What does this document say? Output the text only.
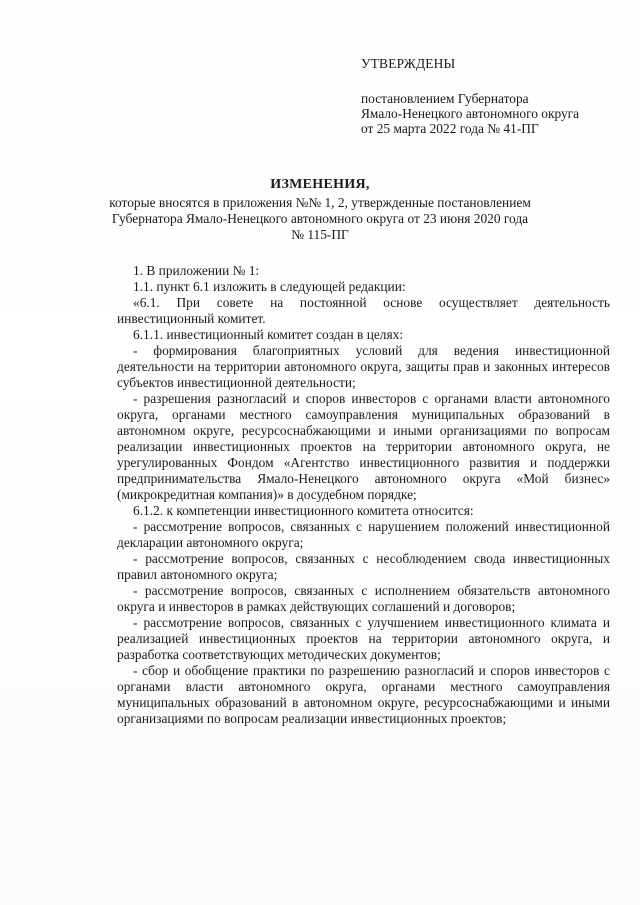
УТВЕРЖДЕНЫ

постановлением Губернатора

Ямало-Ненецкого автономного округа

от 25 марта 2022 года № 41-ПГ

ИЗМЕНЕНИЯ,
которые вносятся в приложения №№ 1, 2, утвержденные постановлением
Губернатора Ямало-Ненецкого автономного округа от 23 июня 2020 года
№ 115-ПГ

1. В приложении № 1:

1.1. пункт 6.1 изложить в следующей редакции:

«6.1. При совете на постоянной основе осуществляет деятельность инвестиционный комитет.

6.1.1. инвестиционный комитет создан в целях:

- формирования благоприятных условий для ведения инвестиционной деятельности на территории автономного округа, защиты прав и законных интересов субъектов инвестиционной деятельности;

- разрешения разногласий и споров инвесторов с органами власти автономного округа, органами местного самоуправления муниципальных образований в автономном округе, ресурсоснабжающими и иными организациями по вопросам реализации инвестиционных проектов на территории автономного округа, не урегулированных Фондом «Агентство инвестиционного развития и поддержки предпринимательства Ямало-Ненецкого автономного округа «Мой бизнес» (микрокредитная компания)» в досудебном порядке;

6.1.2. к компетенции инвестиционного комитета относится:

- рассмотрение вопросов, связанных с нарушением положений инвестиционной декларации автономного округа;

- рассмотрение вопросов, связанных с несоблюдением свода инвестиционных правил автономного округа;

- рассмотрение вопросов, связанных с исполнением обязательств автономного округа и инвесторов в рамках действующих соглашений и договоров;

- рассмотрение вопросов, связанных с улучшением инвестиционного климата и реализацией инвестиционных проектов на территории автономного округа, и разработка соответствующих методических документов;

- сбор и обобщение практики по разрешению разногласий и споров инвесторов с органами власти автономного округа, органами местного самоуправления муниципальных образований в автономном округе, ресурсоснабжающими и иными организациями по вопросам реализации инвестиционных проектов;
